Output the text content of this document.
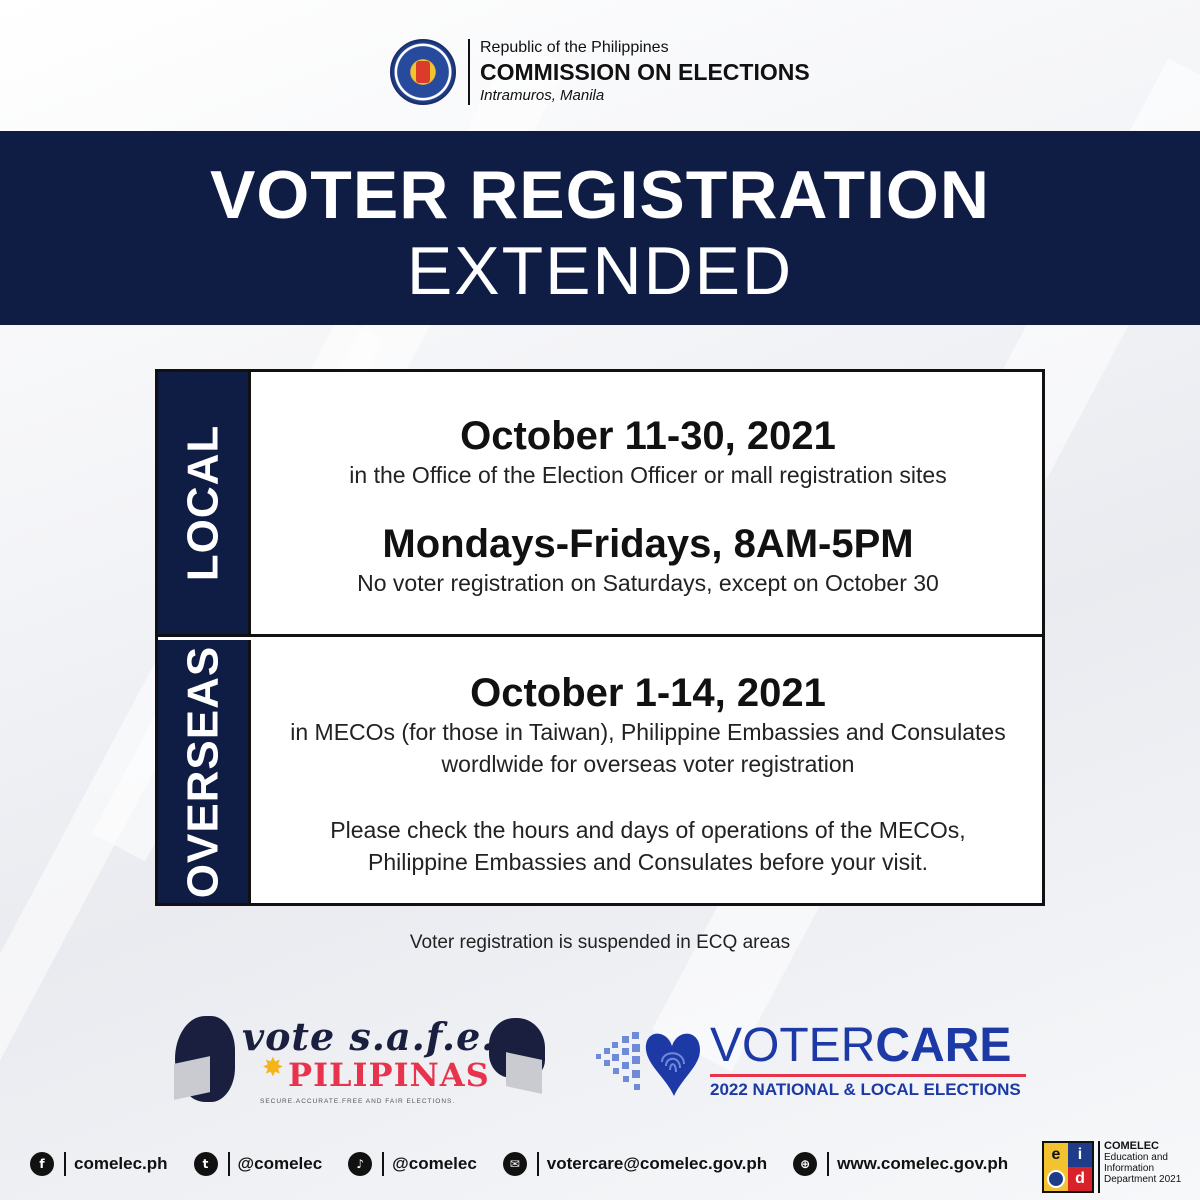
Republic of the Philippines
COMMISSION ON ELECTIONS
Intramuros, Manila
VOTER REGISTRATION
EXTENDED
LOCAL	October 11-30, 2021
in the Office of the Election Officer or mall registration sites
Mondays-Fridays, 8AM-5PM
No voter registration on Saturdays, except on October 30
OVERSEAS	October 1-14, 2021
in MECOs (for those in Taiwan), Philippine Embassies and Consulates
wordlwide for overseas voter registration
Please check the hours and days of operations of the MECOs,
Philippine Embassies and Consulates before your visit.
Voter registration is suspended in ECQ areas
vote s.a.f.e.
✸ PILIPINAS
SECURE.ACCURATE.FREE AND FAIR ELECTIONS.
VOTERCARE
2022 NATIONAL & LOCAL ELECTIONS
f	comelec.ph	t	@comelec	♪	@comelec	✉	votercare@comelec.gov.ph	⊕	www.comelec.gov.ph	e	i
d
COMELEC
Education and
Information
Department 2021
